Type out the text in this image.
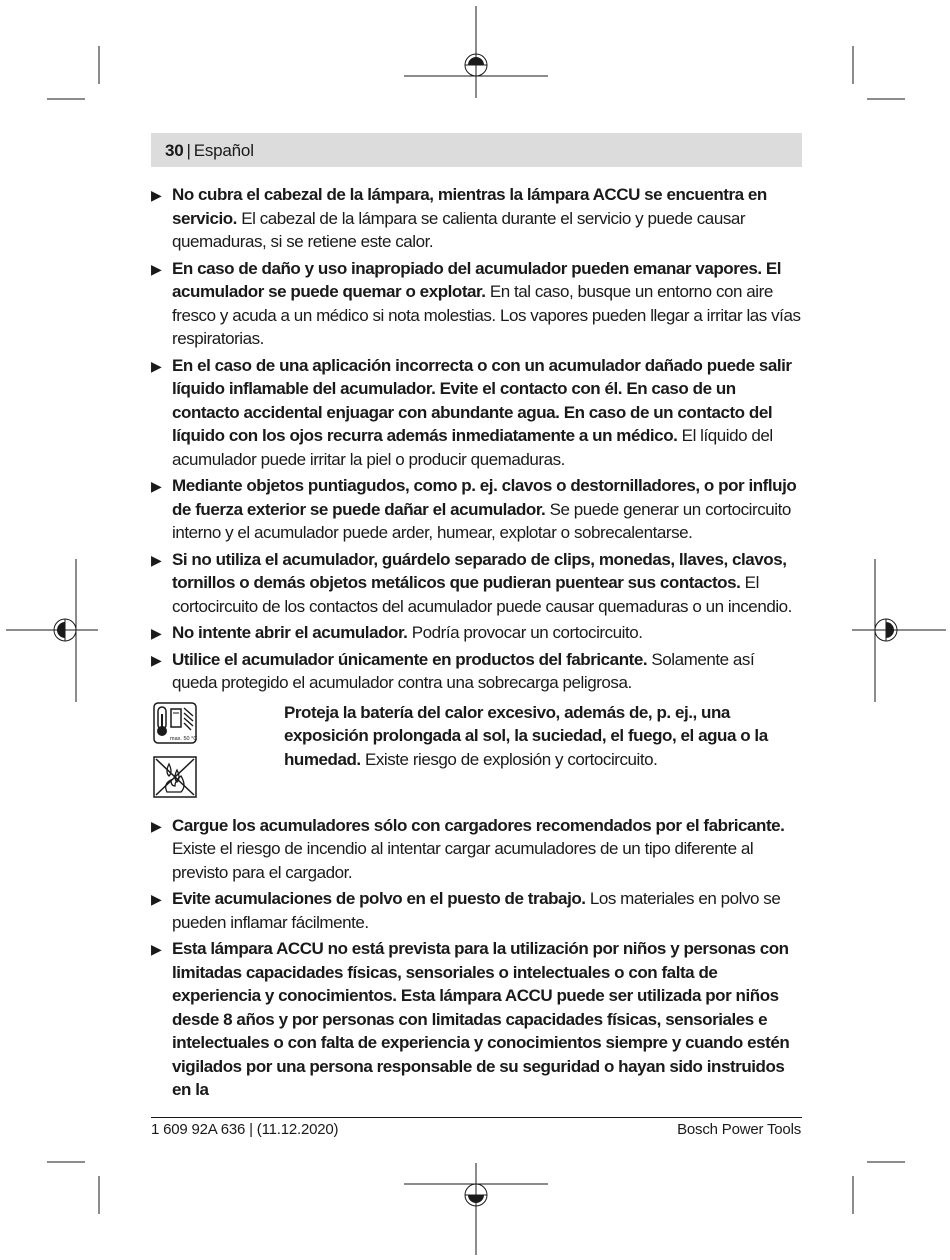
30 | Español
▶ No cubra el cabezal de la lámpara, mientras la lámpara ACCU se encuentra en servicio. El cabezal de la lámpara se calienta durante el servicio y puede causar quemaduras, si se retiene este calor.
▶ En caso de daño y uso inapropiado del acumulador pueden emanar vapores. El acumulador se puede quemar o explotar. En tal caso, busque un entorno con aire fresco y acuda a un médico si nota molestias. Los vapores pueden llegar a irritar las vías respiratorias.
▶ En el caso de una aplicación incorrecta o con un acumulador dañado puede salir líquido inflamable del acumulador. Evite el contacto con él. En caso de un contacto accidental enjuagar con abundante agua. En caso de un contacto del líquido con los ojos recurra además inmediatamente a un médico. El líquido del acumulador puede irritar la piel o producir quemaduras.
▶ Mediante objetos puntiagudos, como p. ej. clavos o destornilladores, o por influjo de fuerza exterior se puede dañar el acumulador. Se puede generar un cortocircuito interno y el acumulador puede arder, humear, explotar o sobrecalentarse.
▶ Si no utiliza el acumulador, guárdelo separado de clips, monedas, llaves, clavos, tornillos o demás objetos metálicos que pudieran puentear sus contactos. El cortocircuito de los contactos del acumulador puede causar quemaduras o un incendio.
▶ No intente abrir el acumulador. Podría provocar un cortocircuito.
▶ Utilice el acumulador únicamente en productos del fabricante. Solamente así queda protegido el acumulador contra una sobrecarga peligrosa.
max. 50 °C
Proteja la batería del calor excesivo, además de, p. ej., una exposición prolongada al sol, la suciedad, el fuego, el agua o la humedad. Existe riesgo de explosión y cortocircuito.
▶ Cargue los acumuladores sólo con cargadores recomendados por el fabricante. Existe el riesgo de incendio al intentar cargar acumuladores de un tipo diferente al previsto para el cargador.
▶ Evite acumulaciones de polvo en el puesto de trabajo. Los materiales en polvo se pueden inflamar fácilmente.
▶ Esta lámpara ACCU no está prevista para la utilización por niños y personas con limitadas capacidades físicas, sensoriales o intelectuales o con falta de experiencia y conocimientos. Esta lámpara ACCU puede ser utilizada por niños desde 8 años y por personas con limitadas capacidades físicas, sensoriales e intelectuales o con falta de experiencia y conocimientos siempre y cuando estén vigilados por una persona responsable de su seguridad o hayan sido instruidos en la
1 609 92A 636 | (11.12.2020)	Bosch Power Tools
